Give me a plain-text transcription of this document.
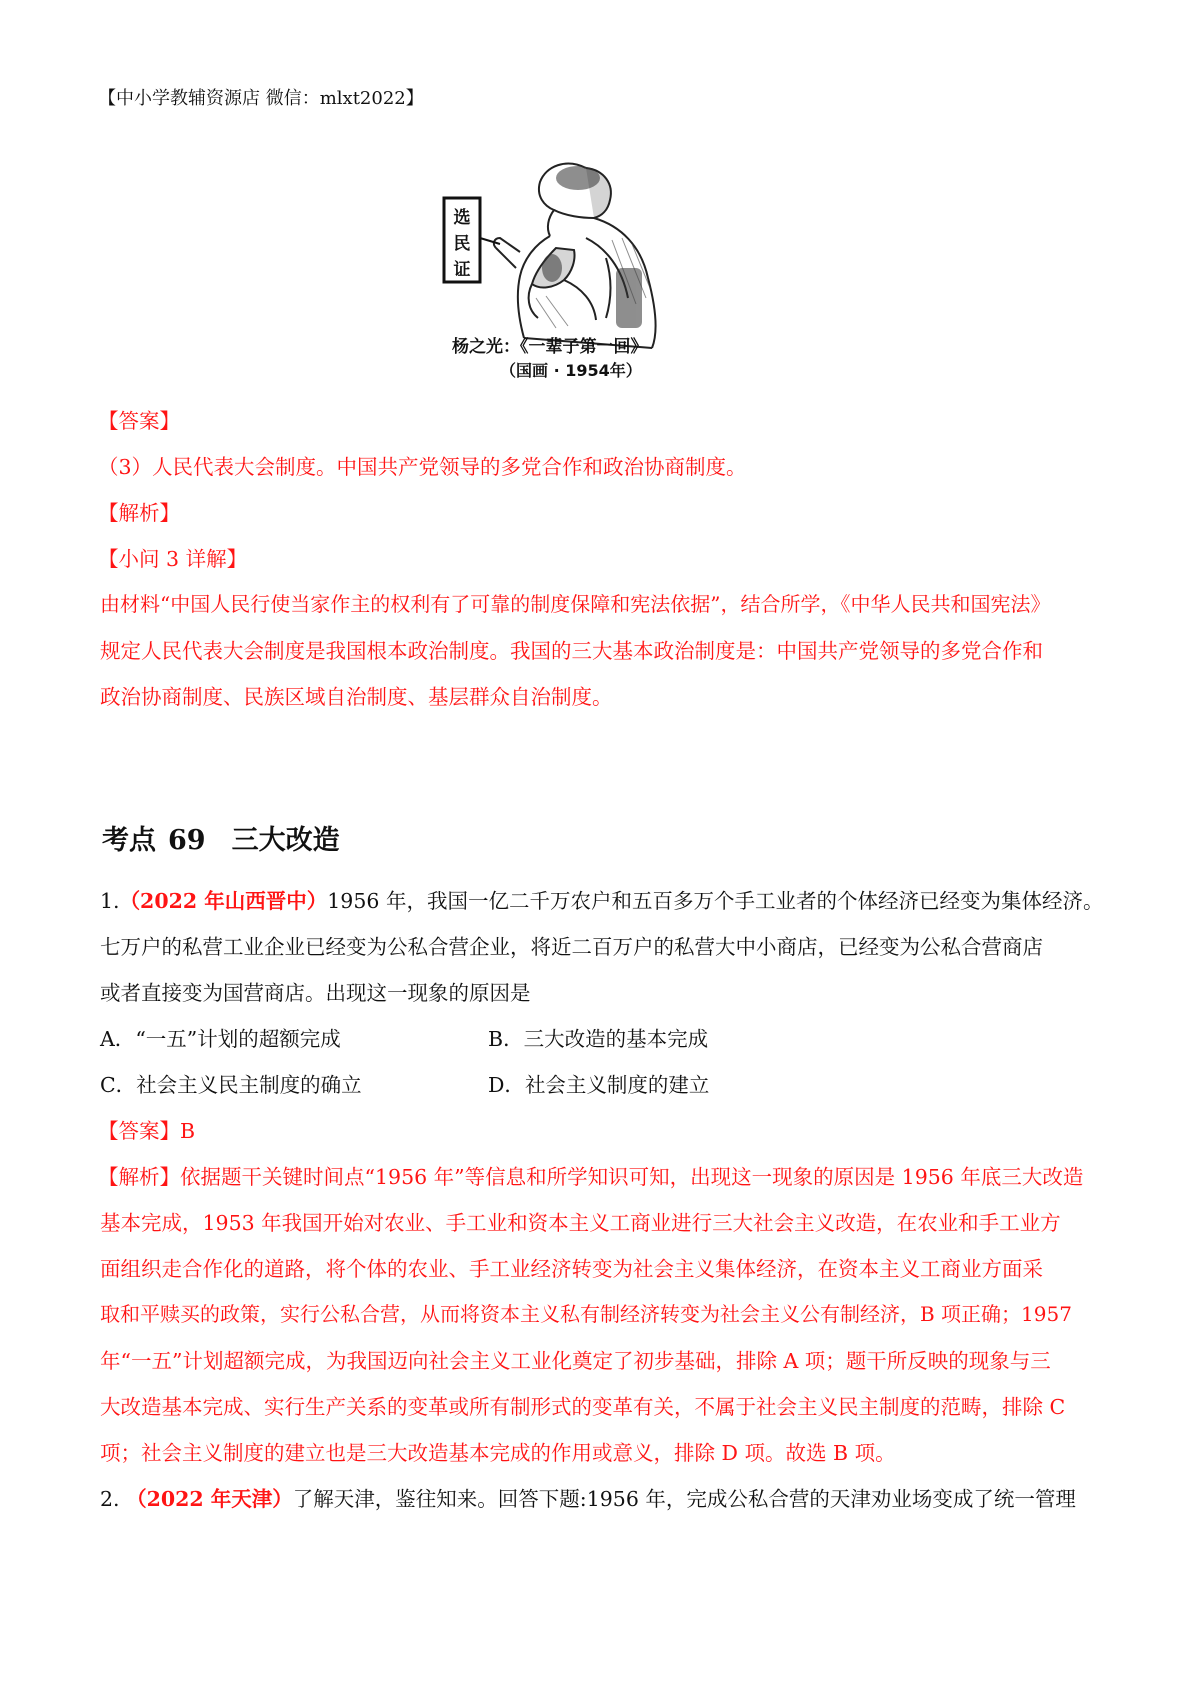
【中小学教辅资源店 微信：mlxt2022】
选
民
证
杨之光：《一辈子第一回》
（国画 · 1954年）
【答案】
（3）人民代表大会制度。中国共产党领导的多党合作和政治协商制度。
【解析】
【小问 3 详解】
由材料“中国人民行使当家作主的权利有了可靠的制度保障和宪法依据”，结合所学，《中华人民共和国宪法》
规定人民代表大会制度是我国根本政治制度。我国的三大基本政治制度是：中国共产党领导的多党合作和
政治协商制度、民族区域自治制度、基层群众自治制度。
考点 69 三大改造
1.（2022 年山西晋中）1956 年，我国一亿二千万农户和五百多万个手工业者的个体经济已经变为集体经济。
七万户的私营工业企业已经变为公私合营企业，将近二百万户的私营大中小商店，已经变为公私合营商店
或者直接变为国营商店。出现这一现象的原因是
A．“一五”计划的超额完成	B．三大改造的基本完成
C．社会主义民主制度的确立	D．社会主义制度的建立
【答案】B
【解析】依据题干关键时间点“1956 年”等信息和所学知识可知，出现这一现象的原因是 1956 年底三大改造
基本完成，1953 年我国开始对农业、手工业和资本主义工商业进行三大社会主义改造，在农业和手工业方
面组织走合作化的道路，将个体的农业、手工业经济转变为社会主义集体经济，在资本主义工商业方面采
取和平赎买的政策，实行公私合营，从而将资本主义私有制经济转变为社会主义公有制经济，B 项正确；1957
年“一五”计划超额完成，为我国迈向社会主义工业化奠定了初步基础，排除 A 项；题干所反映的现象与三
大改造基本完成、实行生产关系的变革或所有制形式的变革有关，不属于社会主义民主制度的范畴，排除 C
项；社会主义制度的建立也是三大改造基本完成的作用或意义，排除 D 项。故选 B 项。
2. （2022 年天津）了解天津，鉴往知来。回答下题:1956 年，完成公私合营的天津劝业场变成了统一管理
